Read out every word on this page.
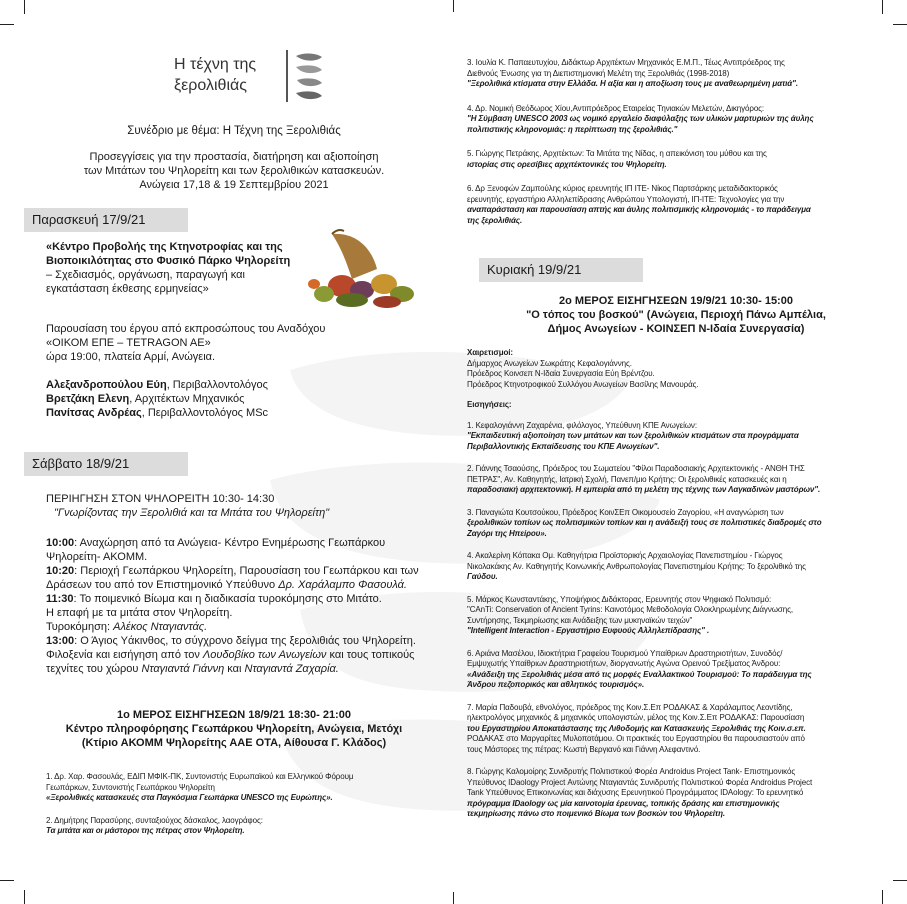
Η τέχνη της
ξερολιθιάς

Συνέδριο με θέμα: Η Τέχνη της Ξερολιθιάς

Προσεγγίσεις για την προστασία, διατήρηση και αξιοποίηση

των Μιτάτων του Ψηλορείτη και των ξερολιθικών κατασκευών.

Ανώγεια 17,18 & 19 Σεπτεμβρίου 2021

Παρασκευή 17/9/21

«Κέντρο Προβολής της Κτηνοτροφίας και της

Βιοποικιλότητας στο Φυσικό Πάρκο Ψηλορείτη

– Σχεδιασμός, οργάνωση, παραγωγή και

εγκατάσταση έκθεσης ερμηνείας»

Παρουσίαση του έργου από εκπροσώπους του Αναδόχου

«ΟΙΚΟΜ ΕΠΕ – TETRAGON AE»

ώρα 19:00, πλατεία Αρμί, Ανώγεια.

Αλεξανδροπούλου Εύη, Περιβαλλοντολόγος

Βρετζάκη Ελενη, Αρχιτέκτων Μηχανικός

Πανίτσας Ανδρέας, Περιβαλλοντολόγος MSc

Σάββατο 18/9/21

ΠΕΡΙΗΓΗΣΗ ΣΤΟΝ ΨΗΛΟΡΕΙΤΗ 10:30- 14:30

"Γνωρίζοντας την Ξερολιθιά και τα Μιτάτα του Ψηλορείτη"

10:00: Αναχώρηση από τα Ανώγεια- Κέντρο Ενημέρωσης Γεωπάρκου

Ψηλορείτη- ΑΚΟΜΜ.

10:20: Περιοχή Γεωπάρκου Ψηλορείτη, Παρουσίαση του Γεωπάρκου και των

Δράσεων του από τον Επιστημονικό Υπεύθυνο Δρ. Χαράλαμπο Φασουλά.

11:30: Το ποιμενικό Βίωμα και η διαδικασία τυροκόμησης στο Μιτάτο.

Η επαφή με τα μιτάτα στον Ψηλορείτη.

Τυροκόμηση: Αλέκος Νταγιαντάς.

13:00: Ο Άγιος Υάκινθος, το σύγχρονο δείγμα της ξερολιθιάς του Ψηλορείτη.

Φιλοξενία και εισήγηση από τον Λουδοβίκο των Ανωγείων και τους τοπικούς

τεχνίτες του χώρου Νταγιαντά Γιάννη και Νταγιαντά Ζαχαρία.

1ο ΜΕΡΟΣ ΕΙΣΗΓΗΣΕΩΝ 18/9/21 18:30- 21:00

Κέντρο πληροφόρησης Γεωπάρκου Ψηλορείτη, Ανώγεια, Μετόχι

(Κτίριο ΑΚΟΜΜ Ψηλορείτης ΑΑΕ ΟΤΑ, Αίθουσα Γ. Κλάδος)

1. Δρ. Χαρ. Φασουλάς, ΕΔΙΠ ΜΦΙΚ-ΠΚ, Συντονιστής Ευρωπαϊκού και Ελληνικού Φόρουμ

Γεωπάρκων, Συντονιστής Γεωπάρκου Ψηλορείτη

«Ξερολιθικές κατασκευές στα Παγκόσμια Γεωπάρκα UNESCO της Ευρώπης».

2. Δημήτρης Παρασύρης, συνταξιούχος δάσκαλος, λαογράφος:

Τα μιτάτα και οι μάστοροι της πέτρας στον Ψηλορείτη.

3. Ιουλία Κ. Παπαευτυχίου, Διδάκτωρ Αρχιτέκτων Μηχανικός Ε.Μ.Π., Τέως Αντιπρόεδρος της

Διεθνούς Ένωσης για τη Διεπιστημονική Μελέτη της Ξερολιθιάς (1998-2018)

"Ξερολιθικά κτίσματα στην Ελλάδα. Η αξία και η αποξίωση τους με αναθεωρημένη ματιά".

4. Δρ. Νομική Θεόδωρος Χίου,Αντιπρόεδρος Εταιρείας Τηνιακών Μελετών, Δικηγόρος:

"Η Σύμβαση UNESCO 2003 ως νομικό εργαλείο διαφύλαξης των υλικών μαρτυριών της άυλης

πολιτιστικής κληρονομιάς: η περίπτωση της ξερολιθιάς."

5. Γιώργης Πετράκης, Αρχιτέκτων: Τα Μιτάτα της Νίδας, η απεικόνιση του μύθου και της

ιστορίας στις ορεσίβιες αρχιτέκτονικές του Ψηλορείτη.

6. Δρ Ξενοφών Ζαμπούλης κύριος ερευνητής ΙΠ ΙΤΕ- Νίκος Παρτσάρκης μεταδιδακτορικός

ερευνητής, εργαστήριο Αλληλεπίδρασης Ανθρώπου Υπολογιστή, ΙΠ-ΙΤΕ: Τεχνολογίες για την

αναπαράσταση και παρουσίαση απτής και άυλης πολιτισμικής κληρονομιάς - το παράδειγμα

της ξερολιθιάς.

Κυριακή 19/9/21

2ο ΜΕΡΟΣ ΕΙΣΗΓΗΣΕΩΝ 19/9/21 10:30- 15:00

"Ο τόπος του βοσκού" (Ανώγεια, Περιοχή Πάνω Αμπέλια,

Δήμος Ανωγείων - ΚΟΙΝΣΕΠ Ν-Ιδαία Συνεργασία)

Χαιρετισμοί:

Δήμαρχος Ανωγείων Σωκράτης Κεφαλογιάννης.

Πρόεδρος Κοινσεπ Ν-Ιδαία Συνεργασία Εύη Βρέντζου.

Πρόεδρος Κτηνοτροφικού Συλλόγου Ανωγείων Βασίλης Μανουράς.

Εισηγήσεις:

1. Κεφαλογιάννη Ζαχαρένια, φιλόλογος, Υπεύθυνη ΚΠΕ Ανωγείων:

"Εκπαιδευτική αξιοποίηση των μιτάτων και των ξερολιθικών κτισμάτων στα προγράμματα

Περιβαλλοντικής Εκπαίδευσης του ΚΠΕ Ανωγείων".

2. Γιάννης Τσαούσης, Πρόεδρος του Σωματείου "Φίλοι Παραδοσιακής Αρχιτεκτονικής - ΑΝΘΗ ΤΗΣ

ΠΕΤΡΑΣ", Αν. Καθηγητής, Ιατρική Σχολή, Πανεπ/μιο Κρήτης: Οι ξερολιθικές κατασκευές και η

παραδοσιακή αρχιτεκτονική. Η εμπειρία από τη μελέτη της τέχνης των Λαγκαδινών μαστόρων".

3. Παναγιώτα Κουτσούκου, Πρόεδρος ΚοινΣΕπ Οικομουσείο Ζαγορίου, «Η αναγνώριση των

ξερολιθικών τοπίων ως πολιτισμικών τοπίων και η ανάδειξή τους σε πολιτιστικές διαδρομές στο

Ζαγόρι της Ηπείρου».

4. Ακαλερίνη Κόπακα Ομ. Καθηγήτρια Προϊστορικής Αρχαιολογίας Πανεπιστημίου - Γιώργος

Νικολακάκης Αν. Καθηγητής Κοινωνικής Ανθρωπολογίας Πανεπιστημίου Κρήτης: Το ξερολιθικό της

Γαύδου.

5. Μάρκος Κωνσταντάκης, Υποψήφιος Διδάκτορας, Ερευνητής στον Ψηφιακό Πολιτισμό:

"CAnTi: Conservation of Ancient Tyrins: Καινοτόμος Μεθοδολογία Ολοκληρωμένης Διάγνωσης,

Συντήρησης, Τεκμηρίωσης και Ανάδειξης των μυκηναϊκών τειχών"

"Intelligent Interaction - Εργαστήριο Ευφυούς Αλληλεπίδρασης" .

6. Αριάνα Μασέλου, Ιδιοκτήτρια Γραφείου Τουρισμού Υπαίθριων Δραστηριοτήτων, Συνοδός/

Εμψυχωτής Υπαίθριων Δραστηριοτήτων, διοργανωτής Αγώνα Ορεινού Τρεξίματος Άνδρου:

«Ανάδειξη της Ξερολιθιάς μέσα από τις μορφές Εναλλακτικού Τουρισμού: Το παράδειγμα της

Άνδρου πεζοπορικός και αθλητικός τουρισμός».

7. Μαρία Παδουβά, εθνολόγος, πρόεδρος της Κοιν.Σ.Επ ΡΟΔΑΚΑΣ & Χαράλαμπος Λεοντίδης,

ηλεκτρολόγος μηχανικός & μηχανικός υπολογιστών, μέλος της Κοιν.Σ.Επ ΡΟΔΑΚΑΣ: Παρουσίαση

του Εργαστηρίου Αποκατάστασης της Λιθοδομής και Κατασκευής Ξερολιθιάς της Κοιν.σ.επ.

ΡΟΔΑΚΑΣ στο Μαργαρίτες Μυλοποτάμου. Οι πρακτικές του Εργαστηρίου θα παρουσιαστούν από

τους Μάστορες της πέτρας: Κωστή Βεργιανό και Γιάννη Αλεφαντινό.

8. Γιώργης Καλομοίρης Συνιδρυτής Πολιτιστικού Φορέα Androidus Project Tank- Επιστημονικός

Υπεύθυνος IDaology Project Αντώνης Νταγιαντάς Συνιδρυτής Πολιτιστικού Φορέα Androidus Project

Tank Υπεύθυνος Επικοινωνίας και διάχυσης Ερευνητικού Προγράμματος IDAology: Το ερευνητικό

πρόγραμμα IDaology ως μία καινοτομία έρευνας, τοπικής δράσης και επιστημονικής

τεκμηρίωσης πάνω στο ποιμενικό Βίωμα των βοσκών του Ψηλορείτη.
